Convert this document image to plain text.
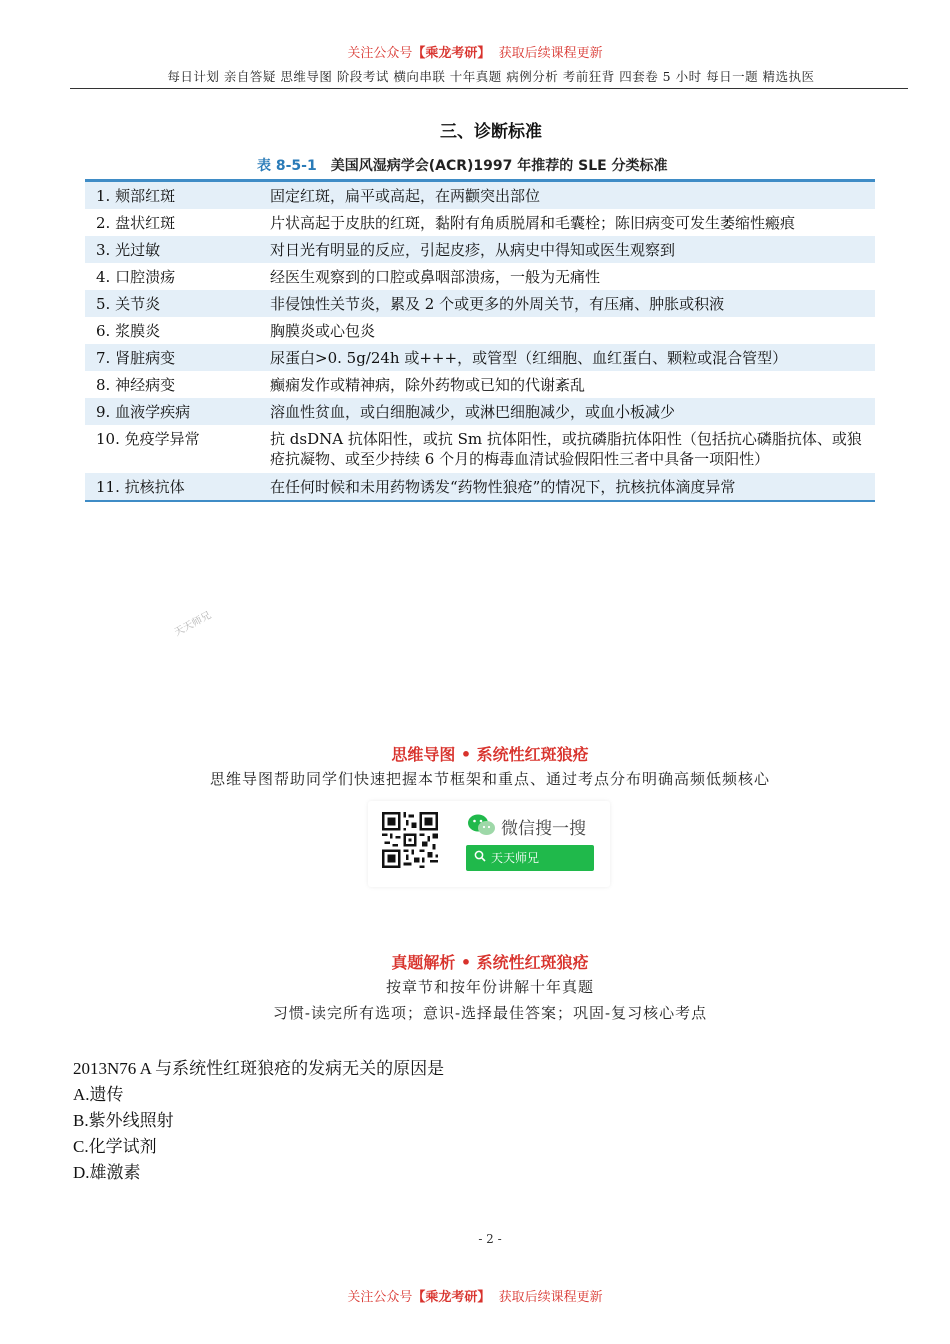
关注公众号【乘龙考研】 获取后续课程更新
每日计划 亲自答疑 思维导图 阶段考试 横向串联 十年真题 病例分析 考前狂背 四套卷 5 小时 每日一题 精选执医
三、诊断标准
表 8-5-1 美国风湿病学会(ACR)1997 年推荐的 SLE 分类标准
1. 颊部红斑	固定红斑，扁平或高起，在两颧突出部位
2. 盘状红斑	片状高起于皮肤的红斑，黏附有角质脱屑和毛囊栓；陈旧病变可发生萎缩性瘢痕
3. 光过敏	对日光有明显的反应，引起皮疹，从病史中得知或医生观察到
4. 口腔溃疡	经医生观察到的口腔或鼻咽部溃疡，一般为无痛性
5. 关节炎	非侵蚀性关节炎，累及 2 个或更多的外周关节，有压痛、肿胀或积液
6. 浆膜炎	胸膜炎或心包炎
7. 肾脏病变	尿蛋白>0. 5g/24h 或+++，或管型（红细胞、血红蛋白、颗粒或混合管型）
8. 神经病变	癫痫发作或精神病，除外药物或已知的代谢紊乱
9. 血液学疾病	溶血性贫血，或白细胞减少，或淋巴细胞减少，或血小板减少
10. 免疫学异常	抗 dsDNA 抗体阳性，或抗 Sm 抗体阳性，或抗磷脂抗体阳性（包括抗心磷脂抗体、或狼疮抗凝物、或至少持续 6 个月的梅毒血清试验假阳性三者中具备一项阳性）
11. 抗核抗体	在任何时候和未用药物诱发“药物性狼疮”的情况下，抗核抗体滴度异常
天天师兄
思维导图 • 系统性红斑狼疮
思维导图帮助同学们快速把握本节框架和重点、通过考点分布明确高频低频核心
微信搜一搜
天天师兄
真题解析 • 系统性红斑狼疮
按章节和按年份讲解十年真题
习惯-读完所有选项；意识-选择最佳答案；巩固-复习核心考点
2013N76 A 与系统性红斑狼疮的发病无关的原因是
A.遗传
B.紫外线照射
C.化学试剂
D.雄激素
- 2 -
关注公众号【乘龙考研】 获取后续课程更新
